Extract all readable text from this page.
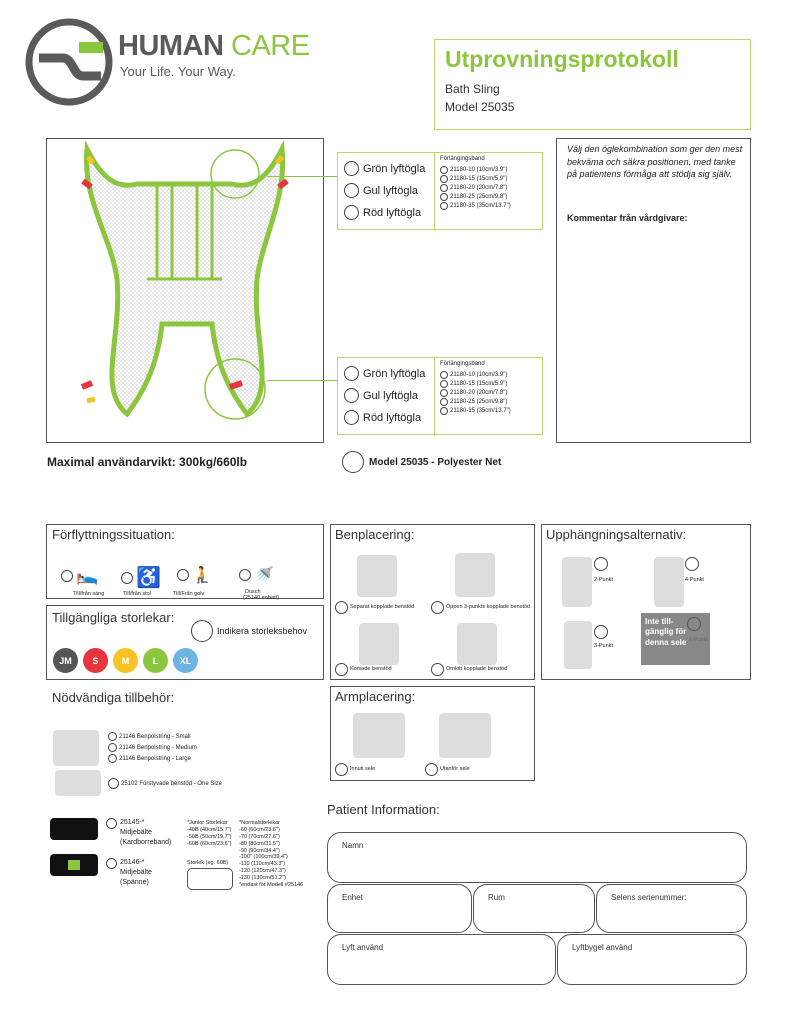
HUMAN CARE
Your Life. Your Way.	Utprovningsprotokoll
Bath Sling
Model 25035
Grön lyftögla
Gul lyftögla
Röd lyftögla
Förlängingsband
21180-10 (10cm/3.9")
21180-15 (15cm/5.9")
21180-20 (20cm/7.8")
21180-25 (25cm/9.8")
21180-35 (35cm/13.7")
Grön lyftögla
Gul lyftögla
Röd lyftögla
Förlängingsband
21180-10 (10cm/3.9")
21180-15 (15cm/5.9")
21180-20 (20cm/7.8")
21180-25 (25cm/9.8")
21180-35 (35cm/13.7")
Välj den öglekombination som ger den mest bekväma och säkra positionen, med tanke på patientens förmåga att stödja sig själv.
Kommentar från vårdgivare:
Maximal användarvikt: 300kg/660lb	Model 25035 - Polyester Net
Förflyttningssituation:
🛌 ♿ 🧎	🚿
Till/från säng	Till/från stol	Till/Från golv	Dusch
(25140 enbart)
Tillgängliga storlekar:
Indikera storleksbehov
JM S	M	L XL
Benplacering:
Separat kopplade benstöd	Öppen 3-punkts kopplade benstöd
Korsade benstöd	Omlott kopplade benstöd
Upphängningsalternativ:
2-Punkt	4-Punkt
3-Punkt
6-Punkt
Inte till-gänglig för denna sele
Nödvändiga tillbehör:
21146 Benpolstring - Small
21146 Benpolstring - Medium
21146 Benpolstring - Large
25102 Förstyvade benstöd - One Size
25145-*
Midjebälte
(Kardborreband)
25146-*
Midjebälte
(Spänne)
*Junior Storlekar
-40B (40cm/15.7")
-50B (50cm/19.7")
-60B (60cm/23.6")
Storlek (eg. 60B)
*Normalstorlekar
-60 (60cm/23.6")
-70 (70cm/27.6")
-80 (80cm/31.5")
-90 (90cm/34.4")
-100" (100cm/39.4")
-110 (110cm/43.3")
-120 (120cm/47.3")
-130 (130cm/51.2")
*endast för Modell #25146
Armplacering:
Innuti sele	Utanför sele
Patient Information:
Namn
Enhet	Rum	Selens serienummer:
Lyft använd	Lyftbygel använd
